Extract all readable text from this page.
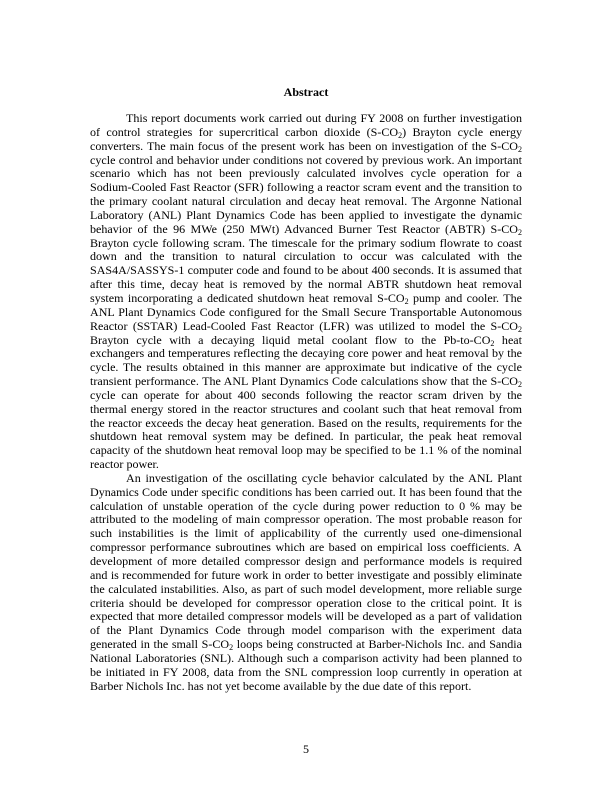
Abstract

This report documents work carried out during FY 2008 on further investigation of control strategies for supercritical carbon dioxide $(S-CO_2)$ Brayton cycle energy converters. The main focus of the present work has been on investigation of the $S-CO_2$ cycle control and behavior under conditions not covered by previous work. An important scenario which has not been previously calculated involves cycle operation for a Sodium-Cooled Fast Reactor (SFR) following a reactor scram event and the transition to the primary coolant natural circulation and decay heat removal. The Argonne National Laboratory (ANL) Plant Dynamics Code has been applied to investigate the dynamic behavior of the 96 MWe (250 MWt) Advanced Burner Test Reactor (ABTR) $S-CO_2$ Brayton cycle following scram. The timescale for the primary sodium flowrate to coast down and the transition to natural circulation to occur was calculated with the SAS4A/SASSYS-1 computer code and found to be about 400 seconds. It is assumed that after this time, decay heat is removed by the normal ABTR shutdown heat removal system incorporating a dedicated shutdown heat removal $S-CO_2$ pump and cooler. The ANL Plant Dynamics Code configured for the Small Secure Transportable Autonomous Reactor (SSTAR) Lead-Cooled Fast Reactor (LFR) was utilized to model the $S-CO_2$ Brayton cycle with a decaying liquid metal coolant flow to the $Pb-to-CO_2$ heat exchangers and temperatures reflecting the decaying core power and heat removal by the cycle. The results obtained in this manner are approximate but indicative of the cycle transient performance. The ANL Plant Dynamics Code calculations show that the $S-CO_2$ cycle can operate for about 400 seconds following the reactor scram driven by the thermal energy stored in the reactor structures and coolant such that heat removal from the reactor exceeds the decay heat generation. Based on the results, requirements for the shutdown heat removal system may be defined. In particular, the peak heat removal capacity of the shutdown heat removal loop may be specified to be 1.1 % of the nominal reactor power.

An investigation of the oscillating cycle behavior calculated by the ANL Plant Dynamics Code under specific conditions has been carried out. It has been found that the calculation of unstable operation of the cycle during power reduction to 0 % may be attributed to the modeling of main compressor operation. The most probable reason for such instabilities is the limit of applicability of the currently used one-dimensional compressor performance subroutines which are based on empirical loss coefficients. A development of more detailed compressor design and performance models is required and is recommended for future work in order to better investigate and possibly eliminate the calculated instabilities. Also, as part of such model development, more reliable surge criteria should be developed for compressor operation close to the critical point. It is expected that more detailed compressor models will be developed as a part of validation of the Plant Dynamics Code through model comparison with the experiment data generated in the small $S-CO_2$ loops being constructed at Barber-Nichols Inc. and Sandia National Laboratories (SNL). Although such a comparison activity had been planned to be initiated in FY 2008, data from the SNL compression loop currently in operation at Barber Nichols Inc. has not yet become available by the due date of this report.

5
